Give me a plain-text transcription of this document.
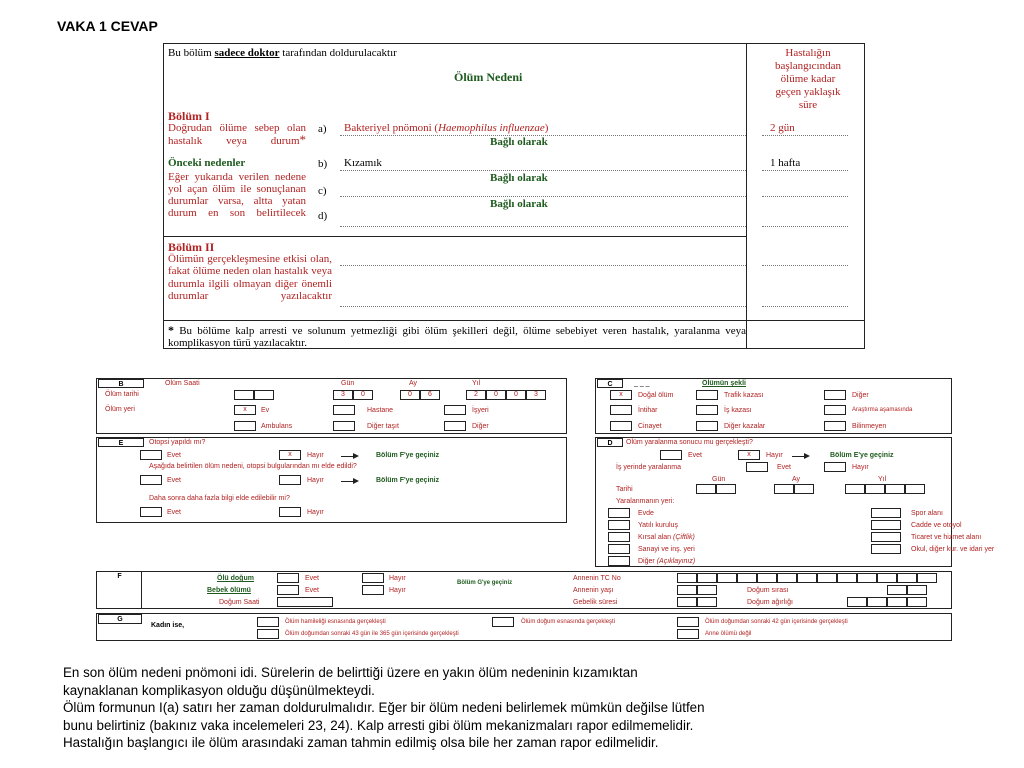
VAKA 1 CEVAP
Bu bölüm sadece doktor tarafından doldurulacaktır
Ölüm Nedeni
Hastalığın
başlangıcından
ölüme kadar
geçen yaklaşık
süre
Bölüm I
Doğrudan ölüme sebep olan hastalık veya durum*
Önceki nedenler
Eğer yukarıda verilen nedene yol açan ölüm ile sonuçlanan durumlar varsa, altta yatan durum en son belirtilecek
a) Bakteriyel pnömoni (Haemophilus influenzae)	2 gün
Bağlı olarak
b) Kızamık	1 hafta
Bağlı olarak
c)
Bağlı olarak
d)
Bölüm II
Ölümün gerçekleşmesine etkisi olan, fakat ölüme neden olan hastalık veya durumla ilgili olmayan diğer önemli durumlar yazılacaktır
* Bu bölüme kalp arresti ve solunum yetmezliği gibi ölüm şekilleri değil, ölüme sebebiyet veren hastalık, yaralanma veya komplikasyon türü yazılacaktır.
B	Ölüm Saati	Gün	Ay	Yıl
Ölüm tarihi	3	0	0	6	2	0	0	3
Ölüm yeri	x	Ev	Hastane	İşyeri
Ambulans	Diğer taşıt	Diğer
C	_ _ _	Ölümün şekli
x	Doğal ölüm	Trafik kazası	Diğer
İntihar	İş kazası	Araştırma aşamasında
Cinayet	Diğer kazalar	Bilinmeyen
E	Otopsi yapıldı mı?
Evet	x	Hayır	Bölüm F'ye geçiniz
Aşağıda belirtilen ölüm nedeni, otopsi bulgularından mı elde edildi?
Evet	Hayır	Bölüm F'ye geçiniz
Daha sonra daha fazla bilgi elde edilebilir mi?
Evet	Hayır
D	Ölüm yaralanma sonucu mu gerçekleşti?
Evet	x	Hayır	Bölüm E'ye geçiniz
İş yerinde yaralanma	Evet	Hayır
Gün	Ay	Yıl
Tarihi
Yaralanmanın yeri:
Evde	Spor alanı
Yatılı kuruluş	Cadde ve otoyol
Kırsal alan (Çiftlik)	Ticaret ve hizmet alanı
Sanayi ve inş. yeri	Okul, diğer kur. ve idari yer
Diğer (Açıklayınız)
F	Ölü doğum	Evet	Hayır
Bebek ölümü	Evet	Hayır
Bölüm G'ye geçiniz
Doğum Saati
Annenin TC No
Annenin yaşı	Doğum sırası
Gebelik süresi	Doğum ağırlığı
G
Kadın ise,	Ölüm hamileliği esnasında gerçekleşti	Ölüm doğum esnasında gerçekleşti	Ölüm doğumdan sonraki 42 gün içerisinde gerçekleşti
Ölüm doğumdan sonraki 43 gün ile 365 gün içerisinde gerçekleşti	Anne ölümü değil

En son ölüm nedeni pnömoni idi. Sürelerin de belirttiği üzere en yakın ölüm nedeninin kızamıktan

kaynaklanan komplikasyon olduğu düşünülmekteydi.

Ölüm formunun I(a) satırı her zaman doldurulmalıdır. Eğer bir ölüm nedeni belirlemek mümkün değilse lütfen

bunu belirtiniz (bakınız vaka incelemeleri 23, 24). Kalp arresti gibi ölüm mekanizmaları rapor edilmemelidir.

Hastalığın başlangıcı ile ölüm arasındaki zaman tahmin edilmiş olsa bile her zaman rapor edilmelidir.
